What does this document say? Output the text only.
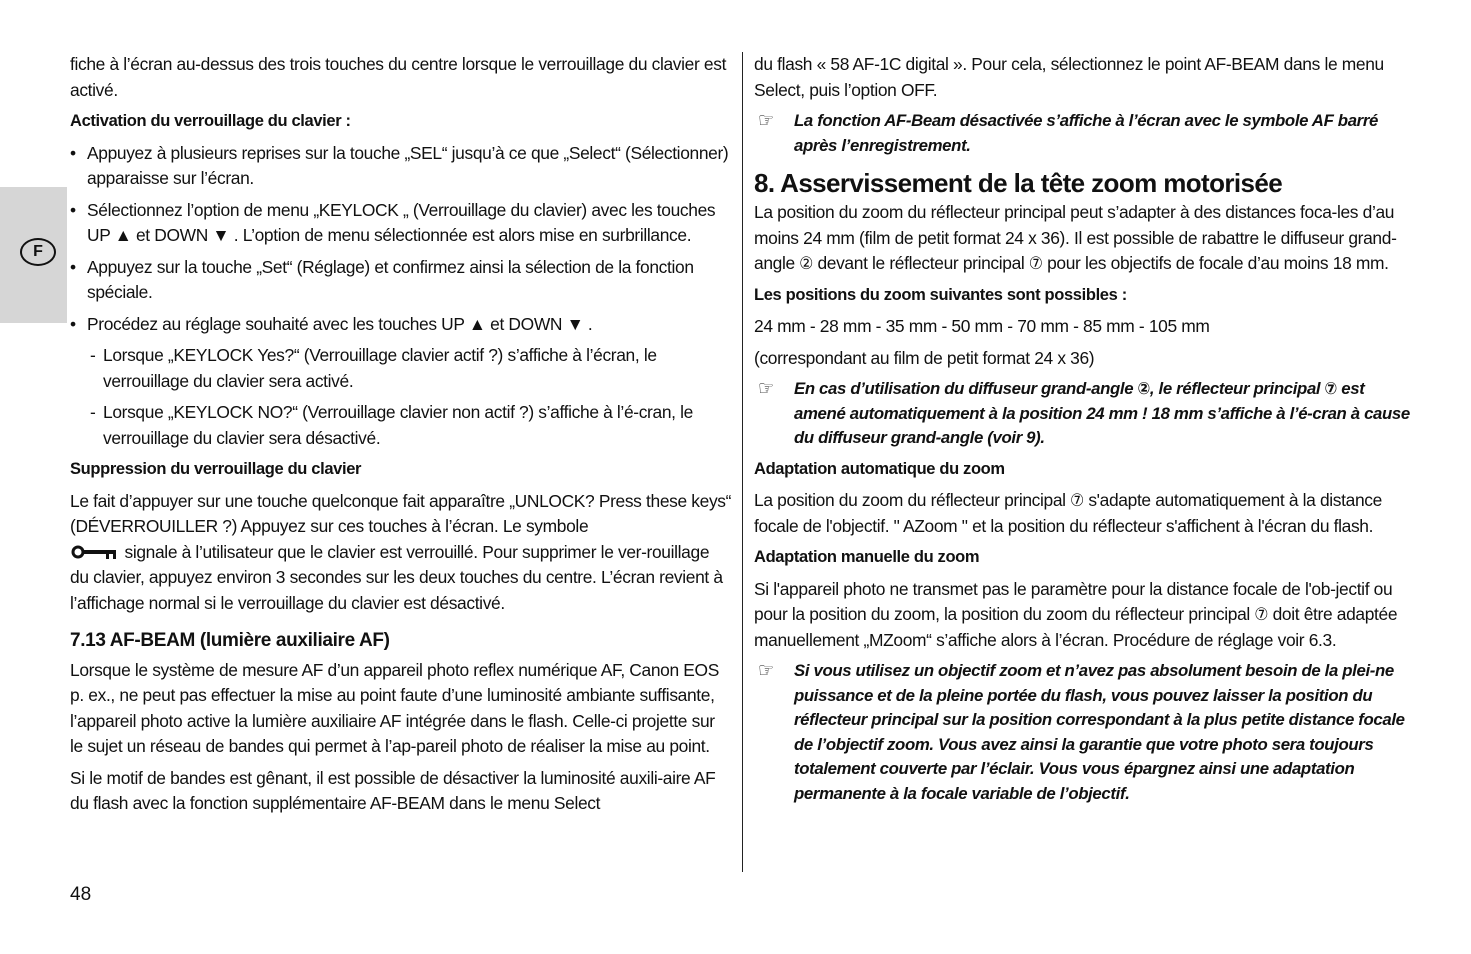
F

fiche à l’écran au-dessus des trois touches du centre lorsque le verrouillage du clavier est activé.

Activation du verrouillage du clavier :
• Appuyez à plusieurs reprises sur la touche „SEL“ jusqu’à ce que „Select“ (Sélectionner) apparaisse sur l’écran.
• Sélectionnez l’option de menu „KEYLOCK „ (Verrouillage du clavier) avec les touches UP ▲ et DOWN ▼ . L’option de menu sélectionnée est alors mise en surbrillance.
• Appuyez sur la touche „Set“ (Réglage) et confirmez ainsi la sélection de la fonction spéciale.
• Procédez au réglage souhaité avec les touches UP ▲ et DOWN ▼ .
- Lorsque „KEYLOCK Yes?“ (Verrouillage clavier actif ?) s’affiche à l’écran, le verrouillage du clavier sera activé.
- Lorsque „KEYLOCK NO?“ (Verrouillage clavier non actif ?) s’affiche à l’é-cran, le verrouillage du clavier sera désactivé.
Suppression du verrouillage du clavier

Le fait d’appuyer sur une touche quelconque fait apparaître „UNLOCK? Press these keys“ (DÉVERROUILLER ?) Appuyez sur ces touches à l’écran. Le symbole
signale à l’utilisateur que le clavier est verrouillé. Pour supprimer le ver-rouillage du clavier, appuyez environ 3 secondes sur les deux touches du centre. L’écran revient à l’affichage normal si le verrouillage du clavier est désactivé.

7.13 AF-BEAM (lumière auxiliaire AF)

Lorsque le système de mesure AF d’un appareil photo reflex numérique AF, Canon EOS p. ex., ne peut pas effectuer la mise au point faute d’une luminosité ambiante suffisante, l’appareil photo active la lumière auxiliaire AF intégrée dans le flash. Celle-ci projette sur le sujet un réseau de bandes qui permet à l’ap-pareil photo de réaliser la mise au point.

Si le motif de bandes est gênant, il est possible de désactiver la luminosité auxili-aire AF du flash avec la fonction supplémentaire AF-BEAM dans le menu Select

du flash « 58 AF-1C digital ». Pour cela, sélectionnez le point AF-BEAM dans le menu Select, puis l’option OFF.

☞	La fonction AF-Beam désactivée s’affiche à l’écran avec le symbole AF barré après l’enregistrement.
8. Asservissement de la tête zoom motorisée

La position du zoom du réflecteur principal peut s’adapter à des distances foca-les d’au moins 24 mm (film de petit format 24 x 36). Il est possible de rabattre le diffuseur grand-angle ② devant le réflecteur principal ⑦ pour les objectifs de focale d’au moins 18 mm.

Les positions du zoom suivantes sont possibles :

24 mm - 28 mm - 35 mm - 50 mm - 70 mm - 85 mm - 105 mm

(correspondant au film de petit format 24 x 36)

☞	En cas d’utilisation du diffuseur grand-angle ②, le réflecteur principal ⑦ est amené automatiquement à la position 24 mm ! 18 mm s’affiche à l’é-cran à cause du diffuseur grand-angle (voir 9).
Adaptation automatique du zoom

La position du zoom du réflecteur principal ⑦ s'adapte automatiquement à la distance focale de l'objectif. " AZoom " et la position du réflecteur s'affichent à l'écran du flash.

Adaptation manuelle du zoom

Si l'appareil photo ne transmet pas le paramètre pour la distance focale de l'ob-jectif ou pour la position du zoom, la position du zoom du réflecteur principal ⑦ doit être adaptée manuellement „MZoom“ s’affiche alors à l’écran. Procédure de réglage voir 6.3.

☞	Si vous utilisez un objectif zoom et n’avez pas absolument besoin de la plei-ne puissance et de la pleine portée du flash, vous pouvez laisser la position du réflecteur principal sur la position correspondant à la plus petite distance focale de l’objectif zoom. Vous avez ainsi la garantie que votre photo sera toujours totalement couverte par l’éclair. Vous vous épargnez ainsi une adaptation permanente à la focale variable de l’objectif.
48
